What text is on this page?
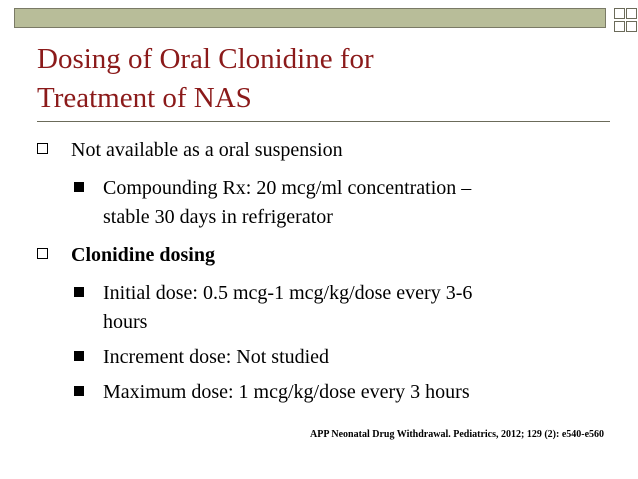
Dosing of Oral Clonidine for
Treatment of NAS
Not available as a oral suspension
Compounding Rx: 20 mcg/ml concentration –
stable 30 days in refrigerator
Clonidine dosing
Initial dose: 0.5 mcg-1 mcg/kg/dose every 3-6
hours
Increment dose: Not studied
Maximum dose: 1 mcg/kg/dose every 3 hours
APP Neonatal Drug Withdrawal. Pediatrics, 2012; 129 (2): e540-e560
